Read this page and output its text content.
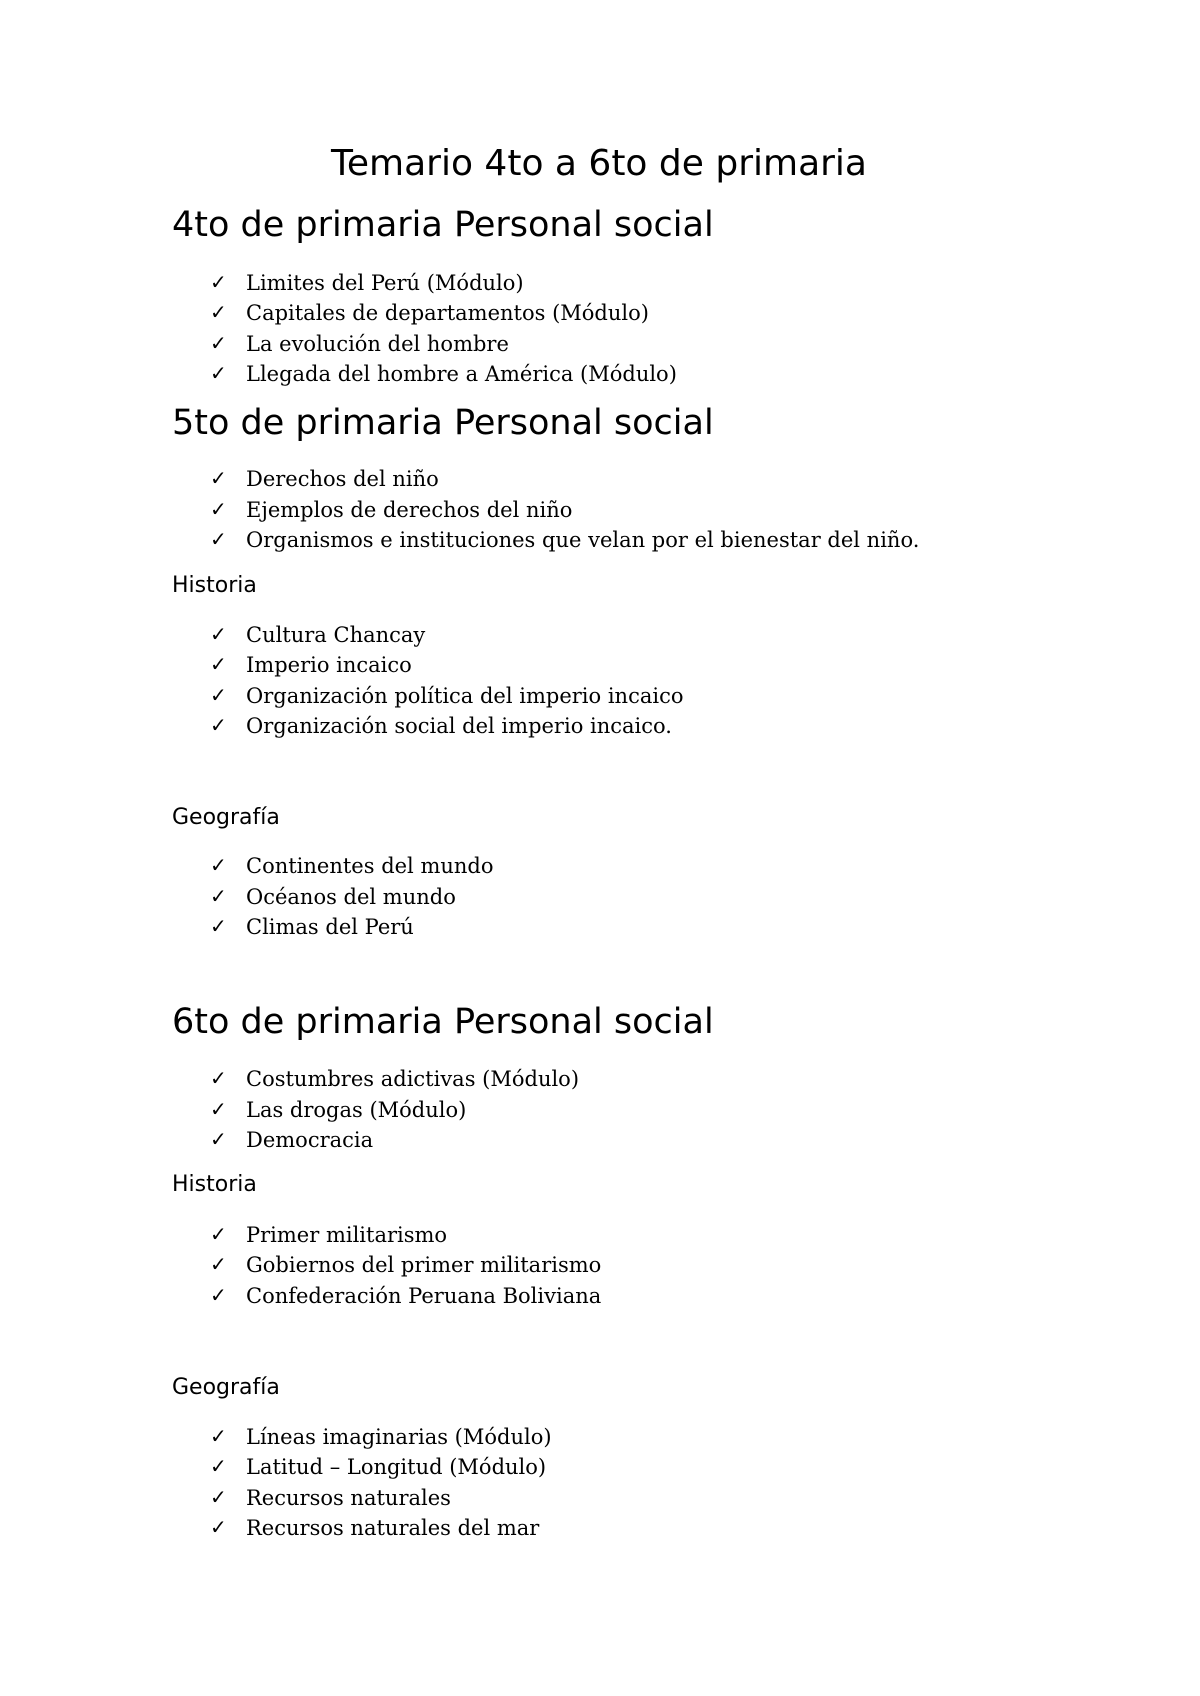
Temario 4to a 6to de primaria
4to de primaria Personal social
✓ Limites del Perú (Módulo)
✓ Capitales de departamentos (Módulo)
✓ La evolución del hombre
✓ Llegada del hombre a América (Módulo)
5to de primaria Personal social
✓ Derechos del niño
✓ Ejemplos de derechos del niño
✓ Organismos e instituciones que velan por el bienestar del niño.
Historia
✓ Cultura Chancay
✓ Imperio incaico
✓ Organización política del imperio incaico
✓ Organización social del imperio incaico.
Geografía
✓ Continentes del mundo
✓ Océanos del mundo
✓ Climas del Perú
6to de primaria Personal social
✓ Costumbres adictivas (Módulo)
✓ Las drogas (Módulo)
✓ Democracia
Historia
✓ Primer militarismo
✓ Gobiernos del primer militarismo
✓ Confederación Peruana Boliviana
Geografía
✓ Líneas imaginarias (Módulo)
✓ Latitud – Longitud (Módulo)
✓ Recursos naturales
✓ Recursos naturales del mar
